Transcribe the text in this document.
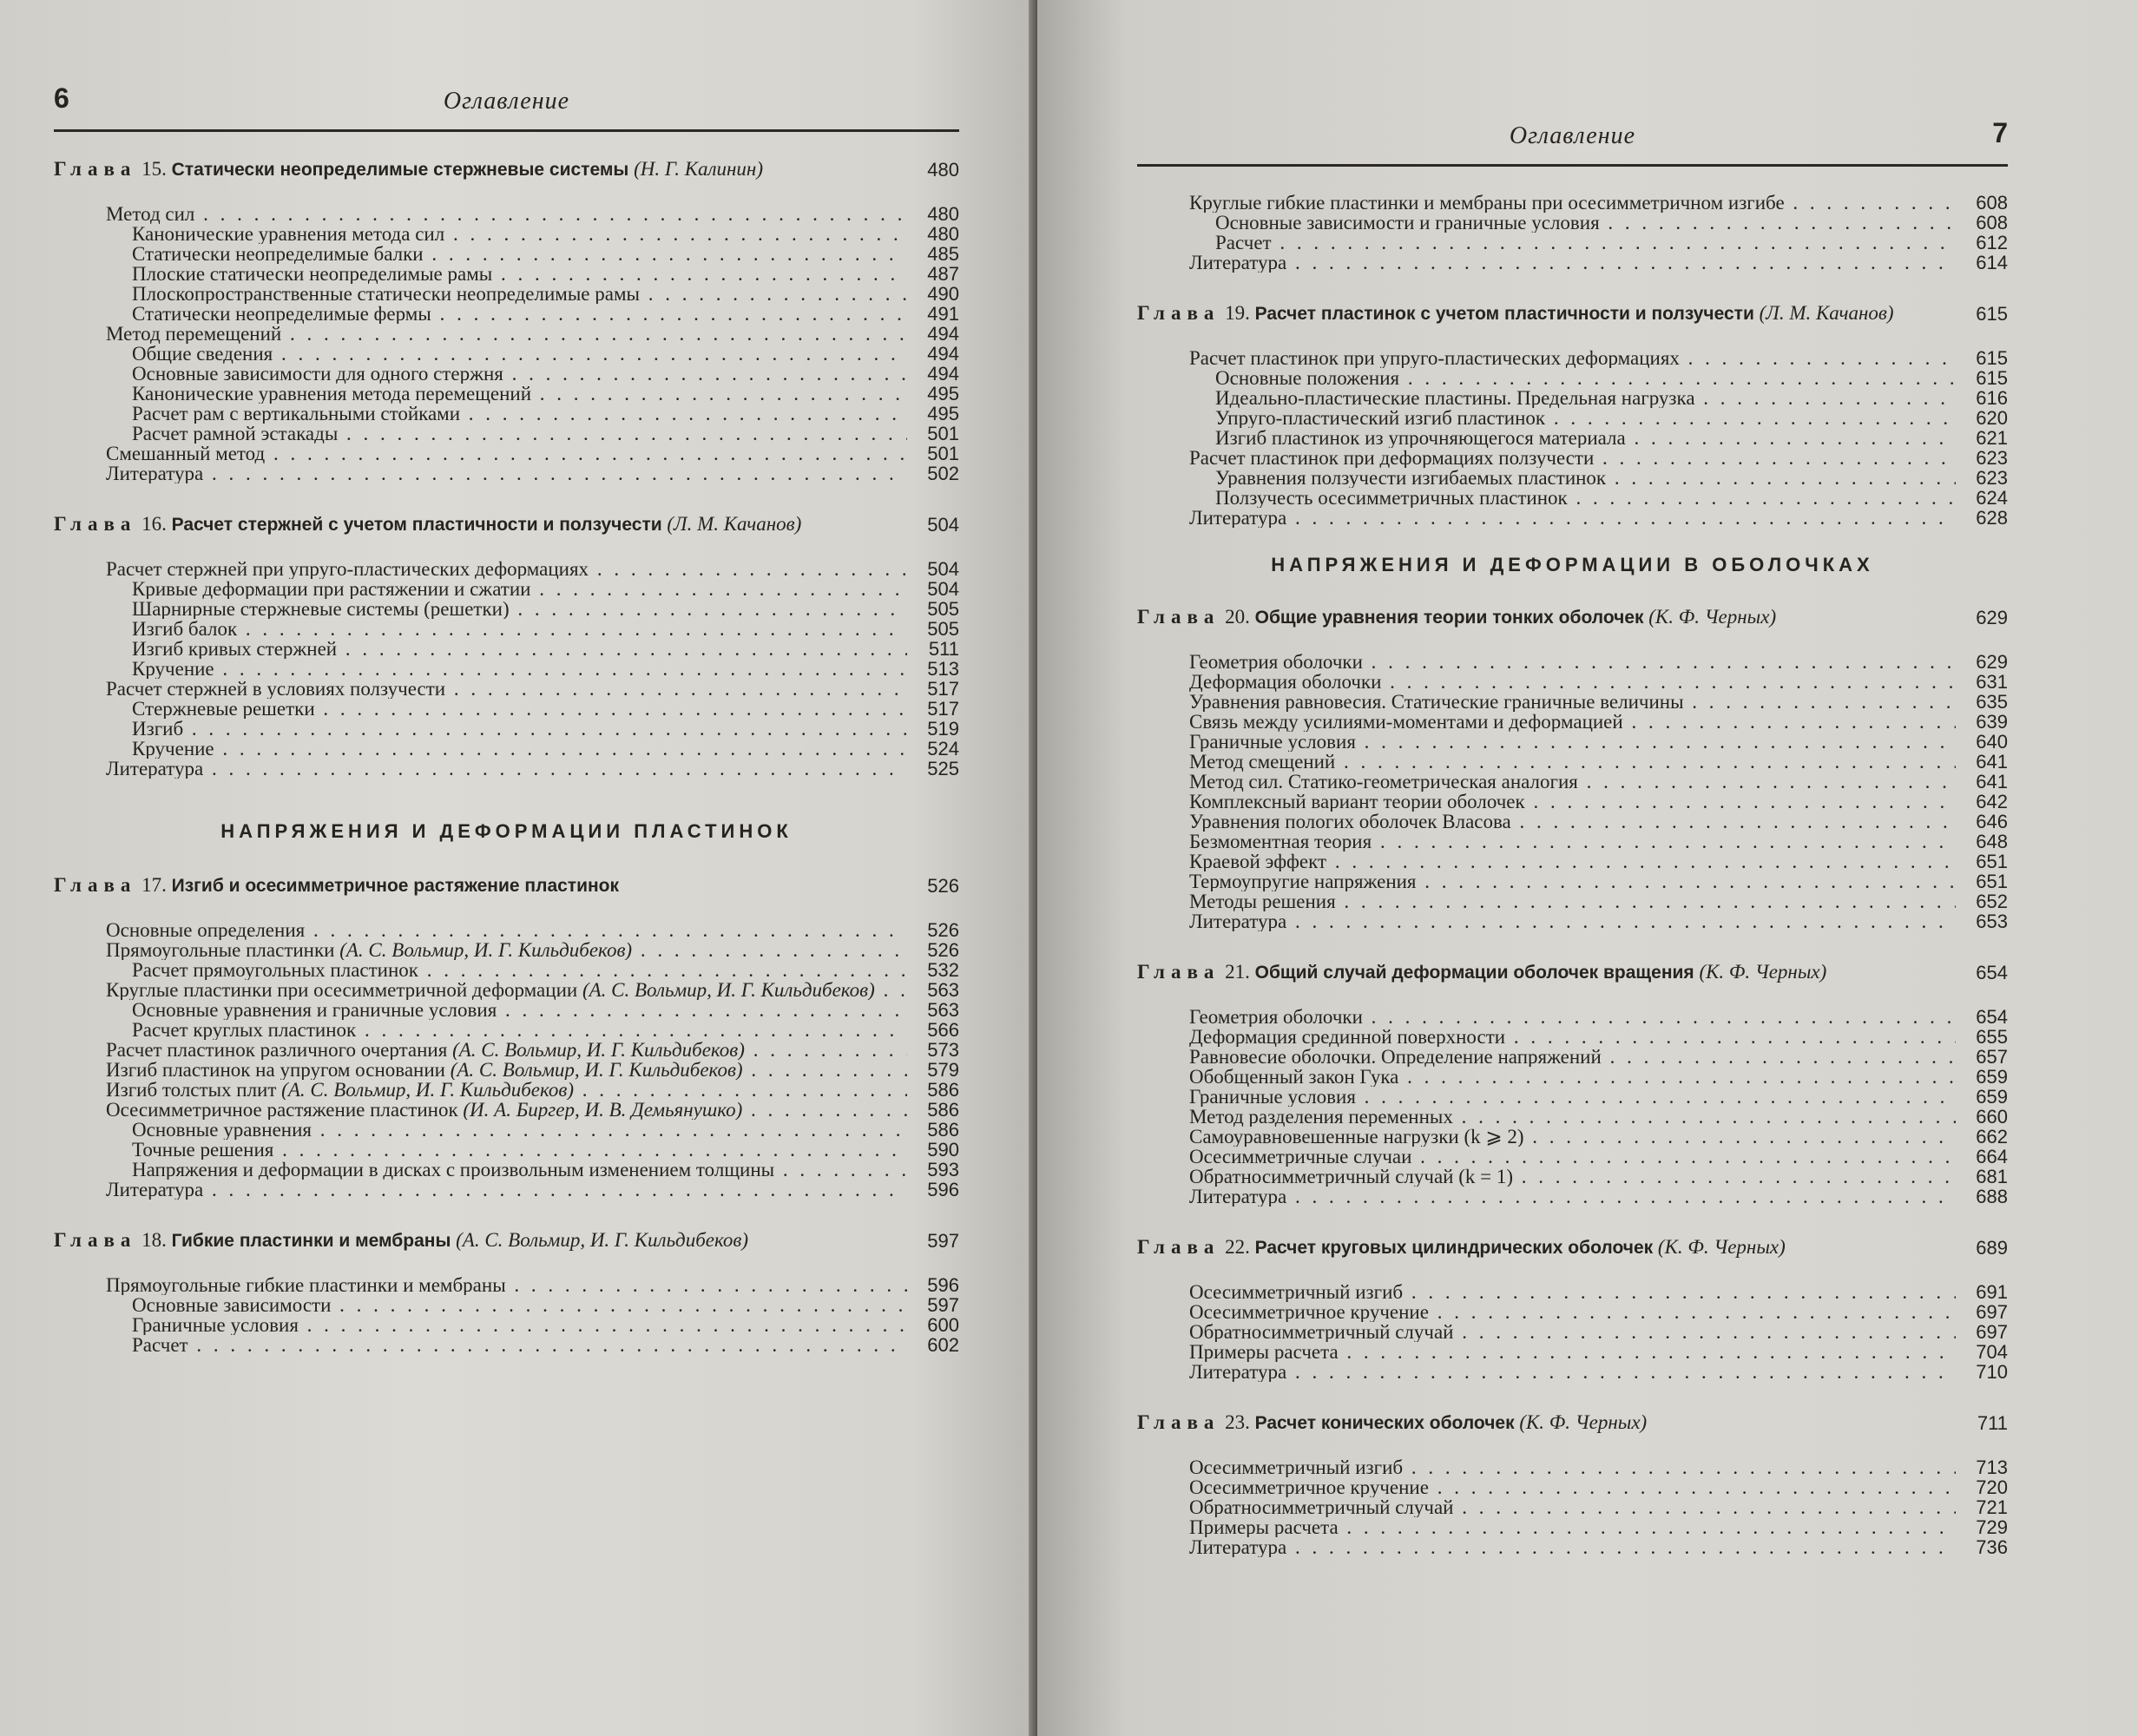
6	Оглавление
Глава 15. Статически неопределимые стержневые системы (Н. Г. Калинин)	480
Метод сил . . .	480
Канонические уравнения метода сил . . .	480
Статически неопределимые балки . . .	485
Плоские статически неопределимые рамы . . .	487
Плоскопространственные статически неопределимые рамы . . .	490
Статически неопределимые фермы . . .	491
Метод перемещений . . .	494
Общие сведения . . .	494
Основные зависимости для одного стержня . . .	494
Канонические уравнения метода перемещений . . .	495
Расчет рам с вертикальными стойками . . .	495
Расчет рамной эстакады . . .	501
Смешанный метод . . .	501
Литература . . .	502
Глава 16. Расчет стержней с учетом пластичности и ползучести (Л. М. Качанов)	504
Расчет стержней при упруго-пластических деформациях . . .	504
Кривые деформации при растяжении и сжатии . . .	504
Шарнирные стержневые системы (решетки) . . .	505
Изгиб балок . . .	505
Изгиб кривых стержней . . .	511
Кручение . . .	513
Расчет стержней в условиях ползучести . . .	517
Стержневые решетки . . .	517
Изгиб . . .	519
Кручение . . .	524
Литература . . .	525
НАПРЯЖЕНИЯ И ДЕФОРМАЦИИ ПЛАСТИНОК
Глава 17. Изгиб и осесимметричное растяжение пластинок	526
Основные определения . . .	526
Прямоугольные пластинки (А. С. Вольмир, И. Г. Кильдибеков) . . .	526
Расчет прямоугольных пластинок . . .	532
Круглые пластинки при осесимметричной деформации (А. С. Вольмир, И. Г. Кильдибеков) . . .	563
Основные уравнения и граничные условия . . .	563
Расчет круглых пластинок . . .	566
Расчет пластинок различного очертания (А. С. Вольмир, И. Г. Кильдибеков) . . .	573
Изгиб пластинок на упругом основании (А. С. Вольмир, И. Г. Кильдибеков) . . .	579
Изгиб толстых плит (А. С. Вольмир, И. Г. Кильдибеков) . . .	586
Осесимметричное растяжение пластинок (И. А. Биргер, И. В. Демьянушко) . . .	586
Основные уравнения . . .	586
Точные решения . . .	590
Напряжения и деформации в дисках с произвольным изменением толщины . . .	593
Литература . . .	596
Глава 18. Гибкие пластинки и мембраны (А. С. Вольмир, И. Г. Кильдибеков)	597
Прямоугольные гибкие пластинки и мембраны . . .	596
Основные зависимости . . .	597
Граничные условия . . .	600
Расчет . . .	602
Оглавление	7
Круглые гибкие пластинки и мембраны при осесимметричном изгибе . . .	608
Основные зависимости и граничные условия . . .	608
Расчет . . .	612
Литература . . .	614
Глава 19. Расчет пластинок с учетом пластичности и ползучести (Л. М. Качанов)	615
Расчет пластинок при упруго-пластических деформациях . . .	615
Основные положения . . .	615
Идеально-пластические пластины. Предельная нагрузка . . .	616
Упруго-пластический изгиб пластинок . . .	620
Изгиб пластинок из упрочняющегося материала . . .	621
Расчет пластинок при деформациях ползучести . . .	623
Уравнения ползучести изгибаемых пластинок . . .	623
Ползучесть осесимметричных пластинок . . .	624
Литература . . .	628
НАПРЯЖЕНИЯ И ДЕФОРМАЦИИ В ОБОЛОЧКАХ
Глава 20. Общие уравнения теории тонких оболочек (К. Ф. Черных)	629
Геометрия оболочки . . .	629
Деформация оболочки . . .	631
Уравнения равновесия. Статические граничные величины . . .	635
Связь между усилиями-моментами и деформацией . . .	639
Граничные условия . . .	640
Метод смещений . . .	641
Метод сил. Статико-геометрическая аналогия . . .	641
Комплексный вариант теории оболочек . . .	642
Уравнения пологих оболочек Власова . . .	646
Безмоментная теория . . .	648
Краевой эффект . . .	651
Термоупругие напряжения . . .	651
Методы решения . . .	652
Литература . . .	653
Глава 21. Общий случай деформации оболочек вращения (К. Ф. Черных)	654
Геометрия оболочки . . .	654
Деформация срединной поверхности . . .	655
Равновесие оболочки. Определение напряжений . . .	657
Обобщенный закон Гука . . .	659
Граничные условия . . .	659
Метод разделения переменных . . .	660
Самоуравновешенные нагрузки (k ⩾ 2) . . .	662
Осесимметричные случаи . . .	664
Обратносимметричный случай (k = 1) . . .	681
Литература . . .	688
Глава 22. Расчет круговых цилиндрических оболочек (К. Ф. Черных)	689
Осесимметричный изгиб . . .	691
Осесимметричное кручение . . .	697
Обратносимметричный случай . . .	697
Примеры расчета . . .	704
Литература . . .	710
Глава 23. Расчет конических оболочек (К. Ф. Черных)	711
Осесимметричный изгиб . . .	713
Осесимметричное кручение . . .	720
Обратносимметричный случай . . .	721
Примеры расчета . . .	729
Литература . . .	736
